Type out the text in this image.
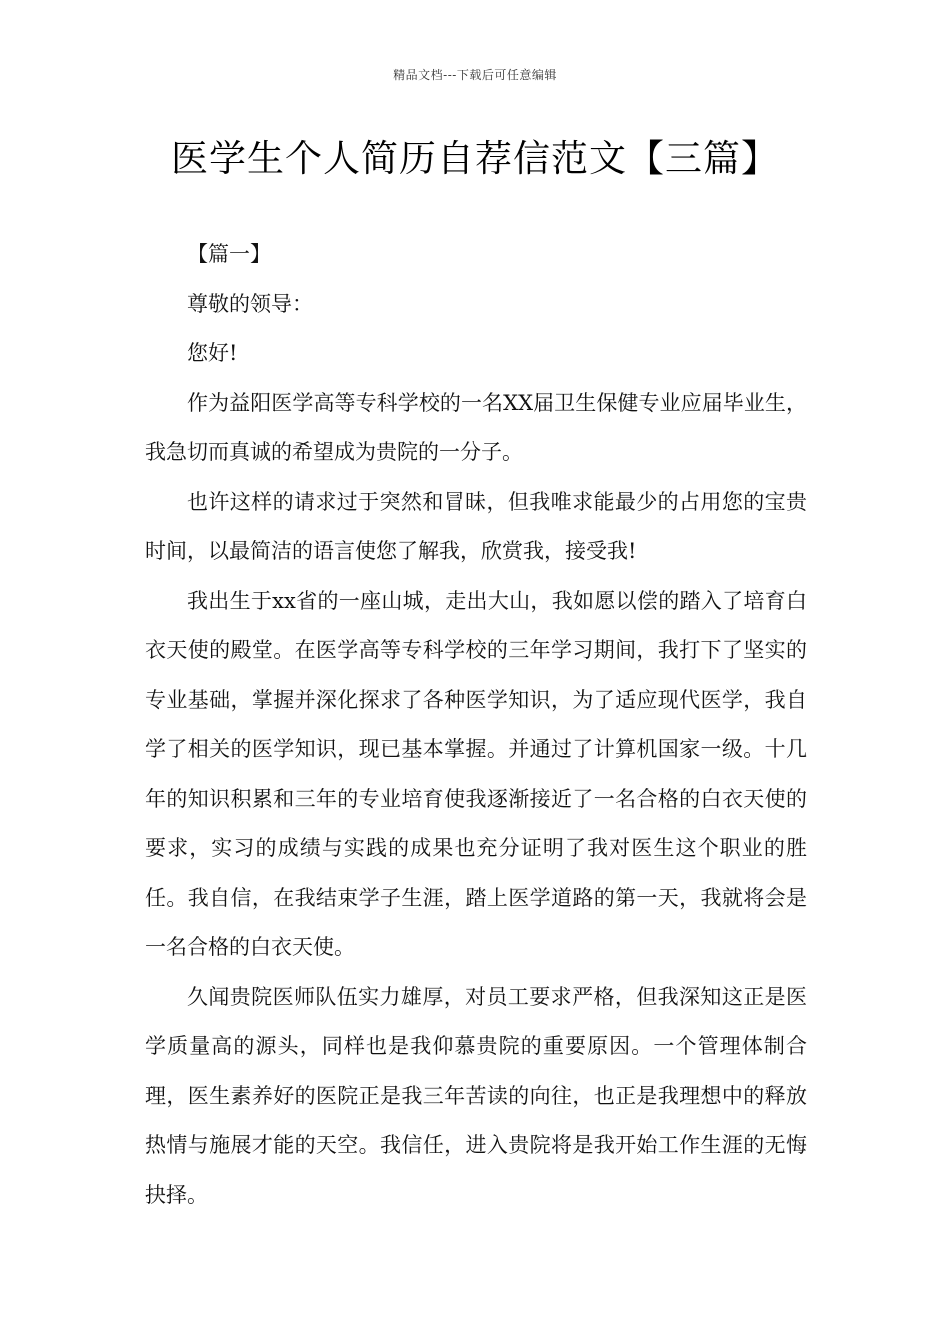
精品文档---下载后可任意编辑
医学生个人简历自荐信范文【三篇】

【篇一】

尊敬的领导：

您好!

作为益阳医学高等专科学校的一名XX届卫生保健专业应届毕业生，我急切而真诚的希望成为贵院的一分子。

也许这样的请求过于突然和冒昧，但我唯求能最少的占用您的宝贵时间，以最简洁的语言使您了解我，欣赏我，接受我!

我出生于xx省的一座山城，走出大山，我如愿以偿的踏入了培育白衣天使的殿堂。在医学高等专科学校的三年学习期间，我打下了坚实的专业基础，掌握并深化探求了各种医学知识，为了适应现代医学，我自学了相关的医学知识，现已基本掌握。并通过了计算机国家一级。十几年的知识积累和三年的专业培育使我逐渐接近了一名合格的白衣天使的要求，实习的成绩与实践的成果也充分证明了我对医生这个职业的胜任。我自信，在我结束学子生涯，踏上医学道路的第一天，我就将会是一名合格的白衣天使。

久闻贵院医师队伍实力雄厚，对员工要求严格，但我深知这正是医学质量高的源头，同样也是我仰慕贵院的重要原因。一个管理体制合理，医生素养好的医院正是我三年苦读的向往，也正是我理想中的释放热情与施展才能的天空。我信任，进入贵院将是我开始工作生涯的无悔抉择。
